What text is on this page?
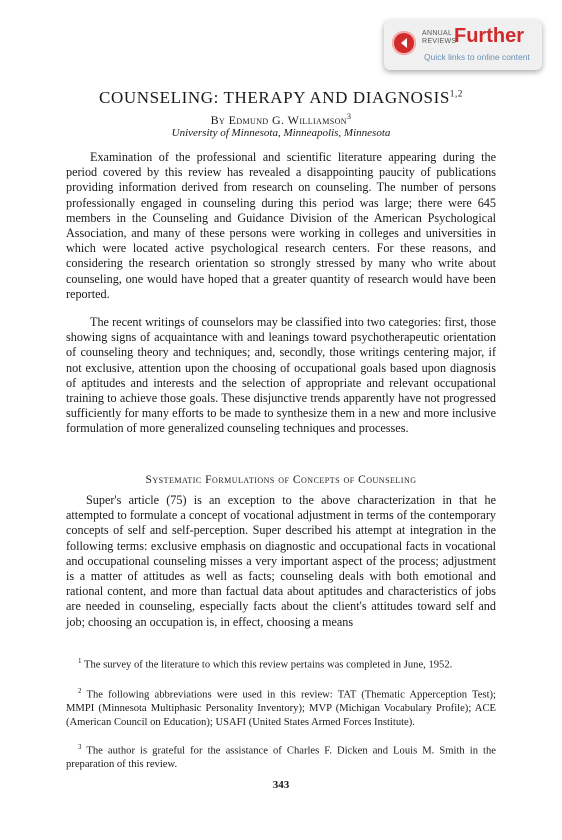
ANNUAL
REVIEWS
Further
Quick links to online content
COUNSELING: THERAPY AND DIAGNOSIS$^{1,2}$
By Edmund G. Williamson$^3$
University of Minnesota, Minneapolis, Minnesota

Examination of the professional and scientific literature appearing during the period covered by this review has revealed a disappointing paucity of publications providing information derived from research on counseling. The number of persons professionally engaged in counseling during this period was large; there were 645 members in the Counseling and Guidance Division of the American Psychological Association, and many of these persons were working in colleges and universities in which were located active psychological research centers. For these reasons, and considering the research orientation so strongly stressed by many who write about counseling, one would have hoped that a greater quantity of research would have been reported.

The recent writings of counselors may be classified into two categories: first, those showing signs of acquaintance with and leanings toward psychotherapeutic orientation of counseling theory and techniques; and, secondly, those writings centering major, if not exclusive, attention upon the choosing of occupational goals based upon diagnosis of aptitudes and interests and the selection of appropriate and relevant occupational training to achieve those goals. These disjunctive trends apparently have not progressed sufficiently for many efforts to be made to synthesize them in a new and more inclusive formulation of more generalized counseling techniques and processes.

Systematic Formulations of Concepts of Counseling

Super's article (75) is an exception to the above characterization in that he attempted to formulate a concept of vocational adjustment in terms of the contemporary concepts of self and self-perception. Super described his attempt at integration in the following terms: exclusive emphasis on diagnostic and occupational facts in vocational and occupational counseling misses a very important aspect of the process; adjustment is a matter of attitudes as well as facts; counseling deals with both emotional and rational content, and more than factual data about aptitudes and characteristics of jobs are needed in counseling, especially facts about the client's attitudes toward self and job; choosing an occupation is, in effect, choosing a means

$^1$ The survey of the literature to which this review pertains was completed in June, 1952.

$^2$ The following abbreviations were used in this review: TAT (Thematic Apperception Test); MMPI (Minnesota Multiphasic Personality Inventory); MVP (Michigan Vocabulary Profile); ACE (American Council on Education); USAFI (United States Armed Forces Institute).

$^3$ The author is grateful for the assistance of Charles F. Dicken and Louis M. Smith in the preparation of this review.

343
